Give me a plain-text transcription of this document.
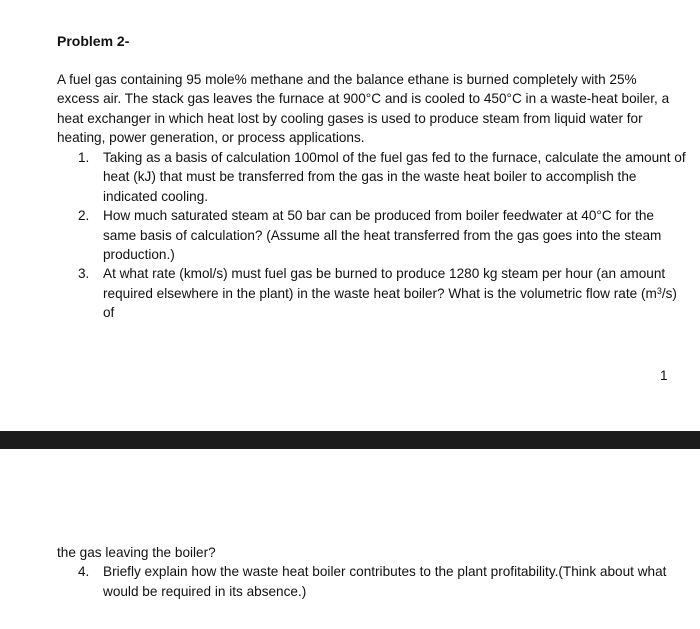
Problem 2-
A fuel gas containing 95 mole% methane and the balance ethane is burned completely with 25% excess air. The stack gas leaves the furnace at 900°C and is cooled to 450°C in a waste-heat boiler, a heat exchanger in which heat lost by cooling gases is used to produce steam from liquid water for heating, power generation, or process applications.
1. Taking as a basis of calculation 100mol of the fuel gas fed to the furnace, calculate the amount of heat (kJ) that must be transferred from the gas in the waste heat boiler to accomplish the indicated cooling.
2. How much saturated steam at 50 bar can be produced from boiler feedwater at 40°C for the same basis of calculation? (Assume all the heat transferred from the gas goes into the steam production.)
3. At what rate (kmol/s) must fuel gas be burned to produce 1280 kg steam per hour (an amount required elsewhere in the plant) in the waste heat boiler? What is the volumetric flow rate $(m^3/s)$ of
1
the gas leaving the boiler?
4. Briefly explain how the waste heat boiler contributes to the plant profitability.(Think about what would be required in its absence.)
